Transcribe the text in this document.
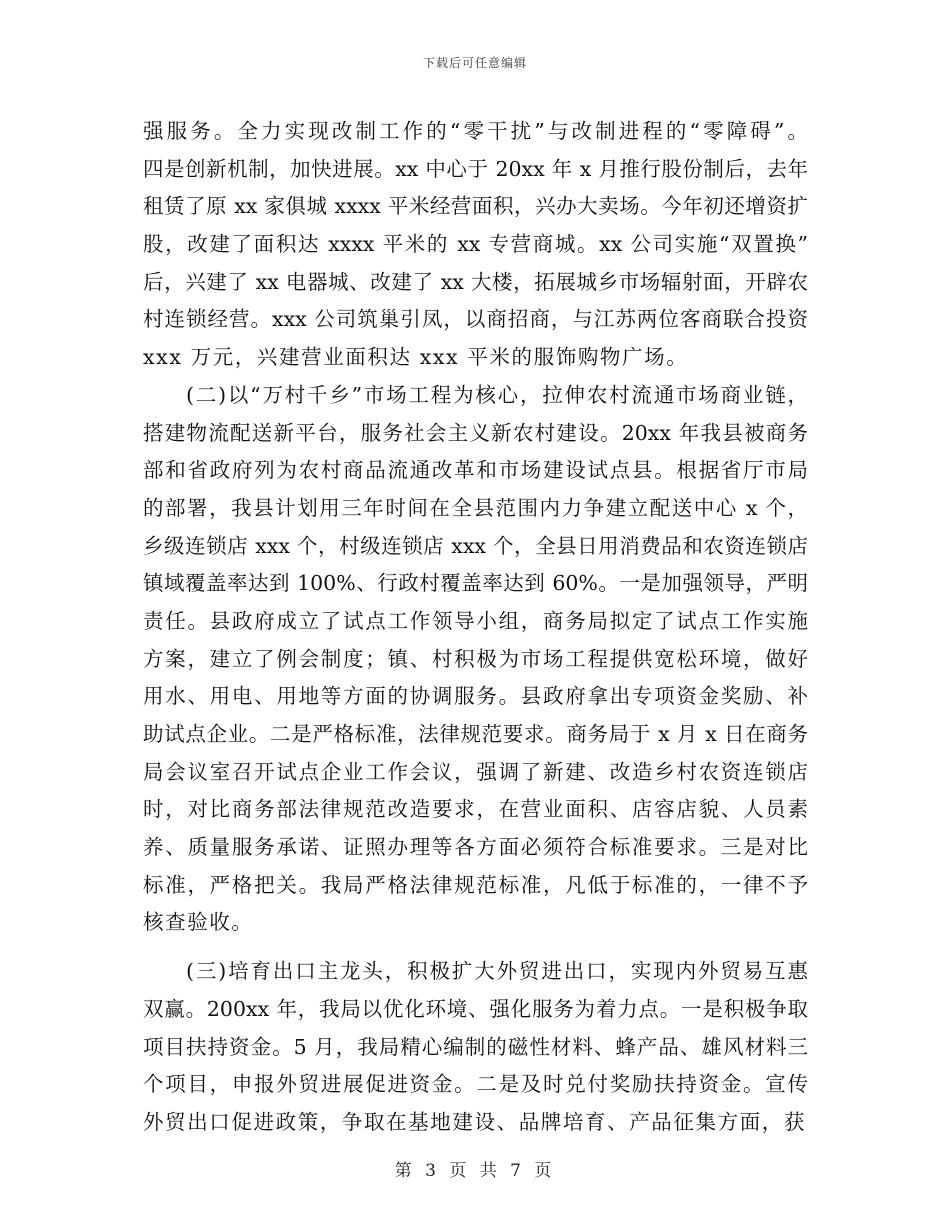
下载后可任意编辑
强服务。全力实现改制工作的“零干扰”与改制进程的“零障碍”。
四是创新机制，加快进展。xx 中心于 20xx 年 x 月推行股份制后，去年
租赁了原 xx 家俱城 xxxx 平米经营面积，兴办大卖场。今年初还增资扩
股，改建了面积达 xxxx 平米的 xx 专营商城。xx 公司实施“双置换”
后，兴建了 xx 电器城、改建了 xx 大楼，拓展城乡市场辐射面，开辟农
村连锁经营。xxx 公司筑巢引凤，以商招商，与江苏两位客商联合投资
xxx 万元，兴建营业面积达 xxx 平米的服饰购物广场。
(二)以“万村千乡”市场工程为核心，拉伸农村流通市场商业链，
搭建物流配送新平台，服务社会主义新农村建设。20xx 年我县被商务
部和省政府列为农村商品流通改革和市场建设试点县。根据省厅市局
的部署，我县计划用三年时间在全县范围内力争建立配送中心 x 个，
乡级连锁店 xxx 个，村级连锁店 xxx 个，全县日用消费品和农资连锁店
镇域覆盖率达到 100%、行政村覆盖率达到 60%。一是加强领导，严明
责任。县政府成立了试点工作领导小组，商务局拟定了试点工作实施
方案，建立了例会制度；镇、村积极为市场工程提供宽松环境，做好
用水、用电、用地等方面的协调服务。县政府拿出专项资金奖励、补
助试点企业。二是严格标准，法律规范要求。商务局于 x 月 x 日在商务
局会议室召开试点企业工作会议，强调了新建、改造乡村农资连锁店
时，对比商务部法律规范改造要求，在营业面积、店容店貌、人员素
养、质量服务承诺、证照办理等各方面必须符合标准要求。三是对比
标准，严格把关。我局严格法律规范标准，凡低于标准的，一律不予
核查验收。
(三)培育出口主龙头，积极扩大外贸进出口，实现内外贸易互惠
双赢。200xx 年，我局以优化环境、强化服务为着力点。一是积极争取
项目扶持资金。5 月，我局精心编制的磁性材料、蜂产品、雄风材料三
个项目，申报外贸进展促进资金。二是及时兑付奖励扶持资金。宣传
外贸出口促进政策，争取在基地建设、品牌培育、产品征集方面，获
第 3 页 共 7 页
